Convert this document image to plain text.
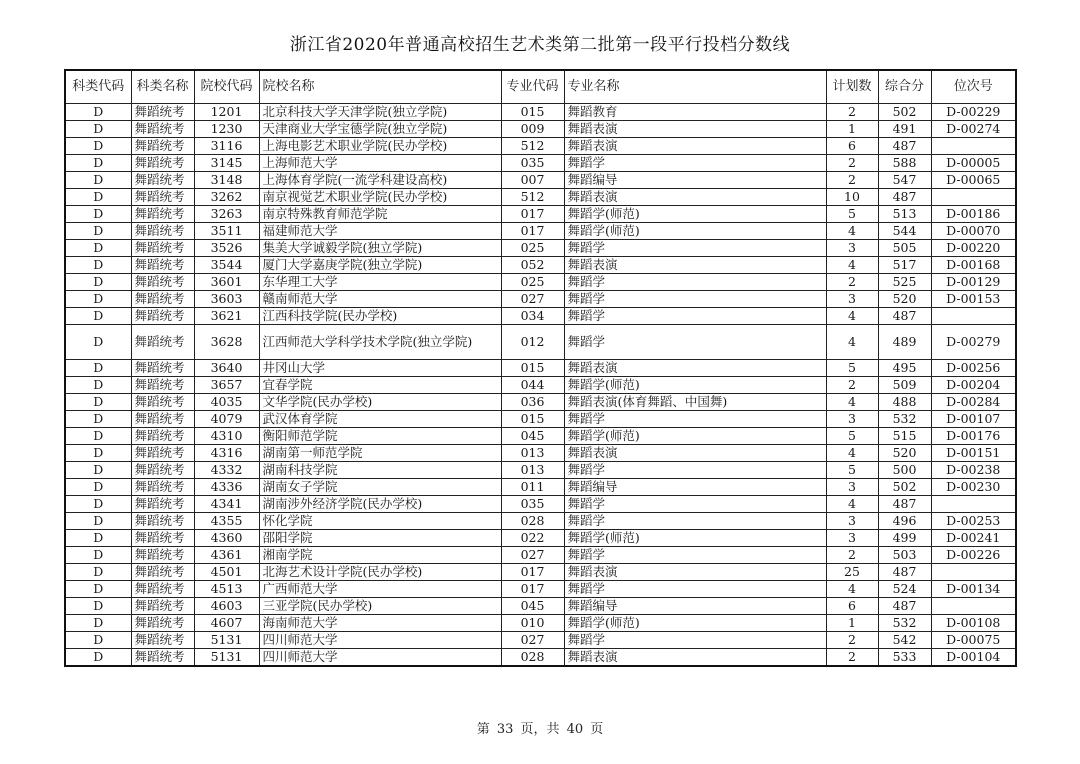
浙江省2020年普通高校招生艺术类第二批第一段平行投档分数线
科类代码	科类名称	院校代码	院校名称	专业代码	专业名称	计划数	综合分	位次号
D	舞蹈统考	1201	北京科技大学天津学院(独立学院)	015	舞蹈教育	2	502	D-00229
D	舞蹈统考	1230	天津商业大学宝德学院(独立学院)	009	舞蹈表演	1	491	D-00274
D	舞蹈统考	3116	上海电影艺术职业学院(民办学校)	512	舞蹈表演	6	487	
D	舞蹈统考	3145	上海师范大学	035	舞蹈学	2	588	D-00005
D	舞蹈统考	3148	上海体育学院(一流学科建设高校)	007	舞蹈编导	2	547	D-00065
D	舞蹈统考	3262	南京视觉艺术职业学院(民办学校)	512	舞蹈表演	10	487	
D	舞蹈统考	3263	南京特殊教育师范学院	017	舞蹈学(师范)	5	513	D-00186
D	舞蹈统考	3511	福建师范大学	017	舞蹈学(师范)	4	544	D-00070
D	舞蹈统考	3526	集美大学诚毅学院(独立学院)	025	舞蹈学	3	505	D-00220
D	舞蹈统考	3544	厦门大学嘉庚学院(独立学院)	052	舞蹈表演	4	517	D-00168
D	舞蹈统考	3601	东华理工大学	025	舞蹈学	2	525	D-00129
D	舞蹈统考	3603	赣南师范大学	027	舞蹈学	3	520	D-00153
D	舞蹈统考	3621	江西科技学院(民办学校)	034	舞蹈学	4	487	
D	舞蹈统考	3628	江西师范大学科学技术学院(独立学院)	012	舞蹈学	4	489	D-00279
D	舞蹈统考	3640	井冈山大学	015	舞蹈表演	5	495	D-00256
D	舞蹈统考	3657	宜春学院	044	舞蹈学(师范)	2	509	D-00204
D	舞蹈统考	4035	文华学院(民办学校)	036	舞蹈表演(体育舞蹈、中国舞)	4	488	D-00284
D	舞蹈统考	4079	武汉体育学院	015	舞蹈学	3	532	D-00107
D	舞蹈统考	4310	衡阳师范学院	045	舞蹈学(师范)	5	515	D-00176
D	舞蹈统考	4316	湖南第一师范学院	013	舞蹈表演	4	520	D-00151
D	舞蹈统考	4332	湖南科技学院	013	舞蹈学	5	500	D-00238
D	舞蹈统考	4336	湖南女子学院	011	舞蹈编导	3	502	D-00230
D	舞蹈统考	4341	湖南涉外经济学院(民办学校)	035	舞蹈学	4	487	
D	舞蹈统考	4355	怀化学院	028	舞蹈学	3	496	D-00253
D	舞蹈统考	4360	邵阳学院	022	舞蹈学(师范)	3	499	D-00241
D	舞蹈统考	4361	湘南学院	027	舞蹈学	2	503	D-00226
D	舞蹈统考	4501	北海艺术设计学院(民办学校)	017	舞蹈表演	25	487	
D	舞蹈统考	4513	广西师范大学	017	舞蹈学	4	524	D-00134
D	舞蹈统考	4603	三亚学院(民办学校)	045	舞蹈编导	6	487	
D	舞蹈统考	4607	海南师范大学	010	舞蹈学(师范)	1	532	D-00108
D	舞蹈统考	5131	四川师范大学	027	舞蹈学	2	542	D-00075
D	舞蹈统考	5131	四川师范大学	028	舞蹈表演	2	533	D-00104
第 33 页，共 40 页
